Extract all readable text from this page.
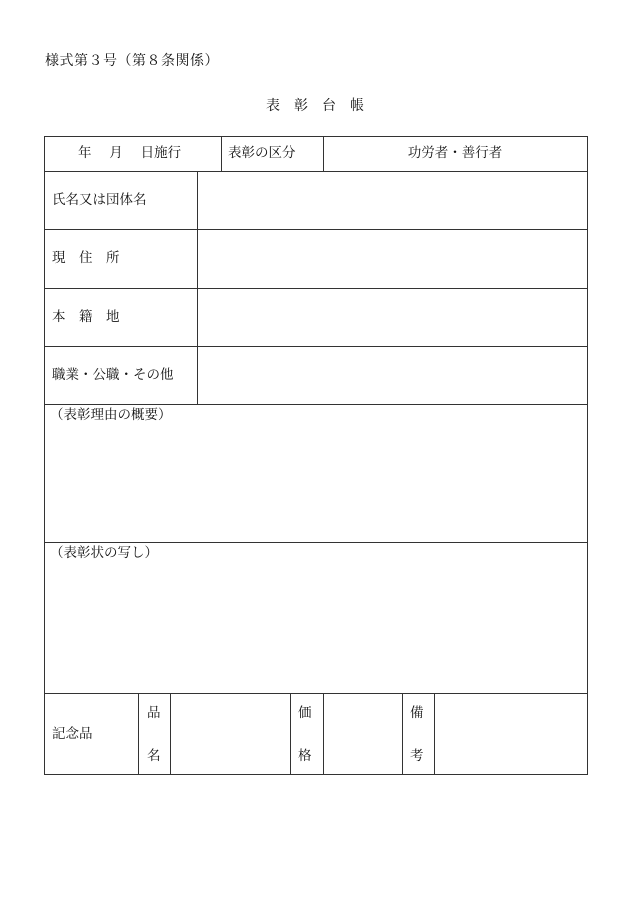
様式第３号（第８条関係）
表　彰　台　帳
年　 月　 日施行	表彰の区分	功労者・善行者
氏名又は団体名
現　住　所
本　籍　地
職業・公職・その他
（表彰理由の概要）
（表彰状の写し）
記念品
品
名
価
格
備
考
